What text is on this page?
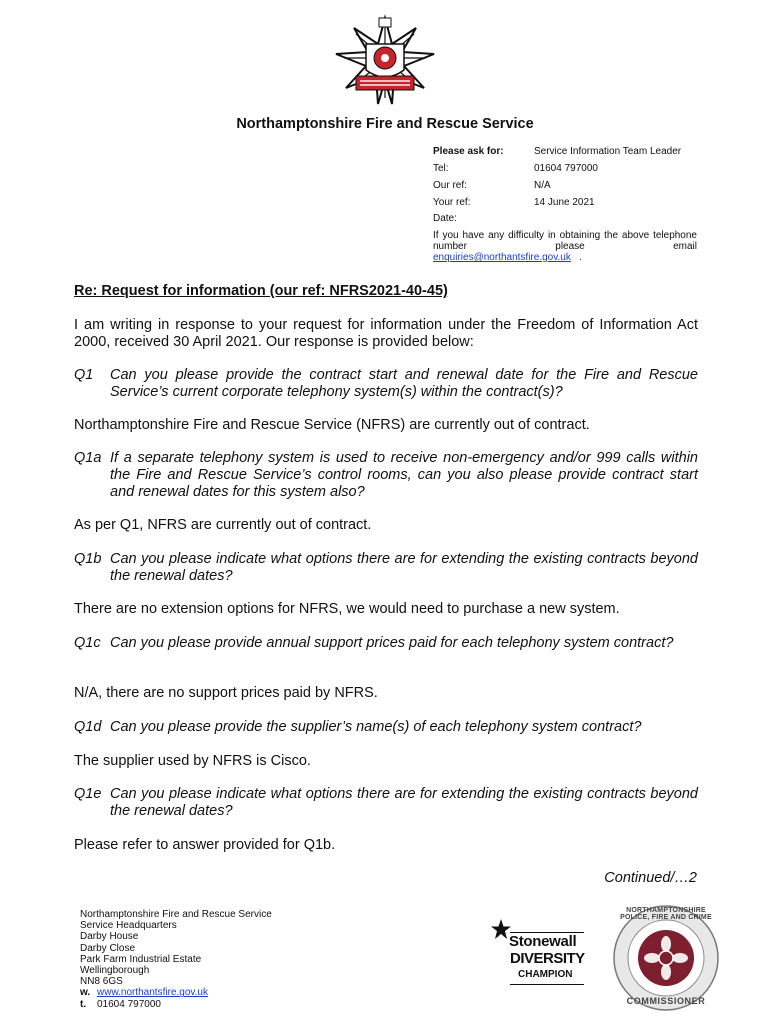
Northamptonshire Fire and Rescue Service
Please ask for:	Service Information Team Leader
Tel:	01604 797000
Our ref:	N/A
Your ref:	14 June 2021
Date:
If you have any difficulty in obtaining the above telephone number please email
enquiries@northantsfire.gov.uk .
Re: Request for information (our ref: NFRS2021-40-45)
I am writing in response to your request for information under the Freedom of Information Act 2000, received 30 April 2021. Our response is provided below:
Q1	Can you please provide the contract start and renewal date for the Fire and Rescue Service’s current corporate telephony system(s) within the contract(s)?
Northamptonshire Fire and Rescue Service (NFRS) are currently out of contract.
Q1a If a separate telephony system is used to receive non-emergency and/or 999 calls within the Fire and Rescue Service’s control rooms, can you also please provide contract start and renewal dates for this system also?
As per Q1, NFRS are currently out of contract.
Q1b Can you please indicate what options there are for extending the existing contracts beyond the renewal dates?
There are no extension options for NFRS, we would need to purchase a new system.
Q1c Can you please provide annual support prices paid for each telephony system contract?
N/A, there are no support prices paid by NFRS.
Q1d Can you please provide the supplier’s name(s) of each telephony system contract?
The supplier used by NFRS is Cisco.
Q1e Can you please indicate what options there are for extending the existing contracts beyond the renewal dates?
Please refer to answer provided for Q1b.
Continued/…2
Northamptonshire Fire and Rescue Service
Service Headquarters
Darby House
Darby Close
Park Farm Industrial Estate
Wellingborough
NN8 6GS
w. www.northantsfire.gov.uk
t. 01604 797000
Stonewall
DIVERSITY
CHAMPION
NORTHAMPTONSHIRE POLICE, FIRE AND CRIME
COMMISSIONER
